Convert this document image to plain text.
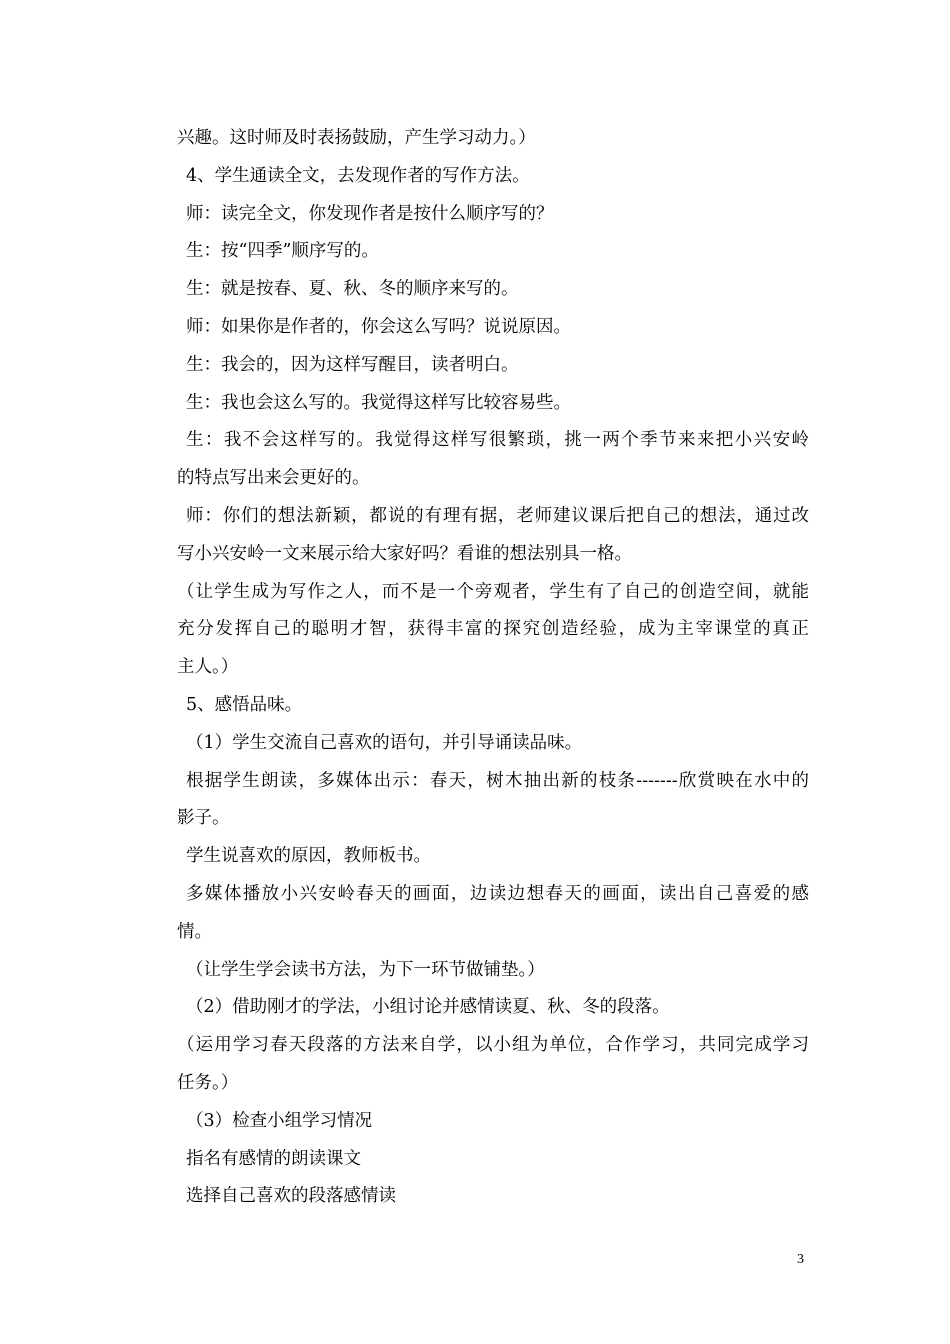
兴趣。这时师及时表扬鼓励，产生学习动力。）
4、学生通读全文，去发现作者的写作方法。
师：读完全文，你发现作者是按什么顺序写的？
生：按“四季”顺序写的。
生：就是按春、夏、秋、冬的顺序来写的。
师：如果你是作者的，你会这么写吗？说说原因。
生：我会的，因为这样写醒目，读者明白。
生：我也会这么写的。我觉得这样写比较容易些。
生：我不会这样写的。我觉得这样写很繁琐，挑一两个季节来来把小兴安岭
的特点写出来会更好的。
师：你们的想法新颖，都说的有理有据，老师建议课后把自己的想法，通过改
写小兴安岭一文来展示给大家好吗？看谁的想法别具一格。
（让学生成为写作之人，而不是一个旁观者，学生有了自己的创造空间，就能
充分发挥自己的聪明才智，获得丰富的探究创造经验，成为主宰课堂的真正
主人。）
5、感悟品味。
（1）学生交流自己喜欢的语句，并引导诵读品味。
根据学生朗读，多媒体出示：春天，树木抽出新的枝条-------欣赏映在水中的
影子。
学生说喜欢的原因，教师板书。
多媒体播放小兴安岭春天的画面，边读边想春天的画面，读出自己喜爱的感
情。
（让学生学会读书方法，为下一环节做铺垫。）
（2）借助刚才的学法，小组讨论并感情读夏、秋、冬的段落。
（运用学习春天段落的方法来自学，以小组为单位，合作学习，共同完成学习
任务。）
（3）检查小组学习情况
指名有感情的朗读课文
选择自己喜欢的段落感情读
3
